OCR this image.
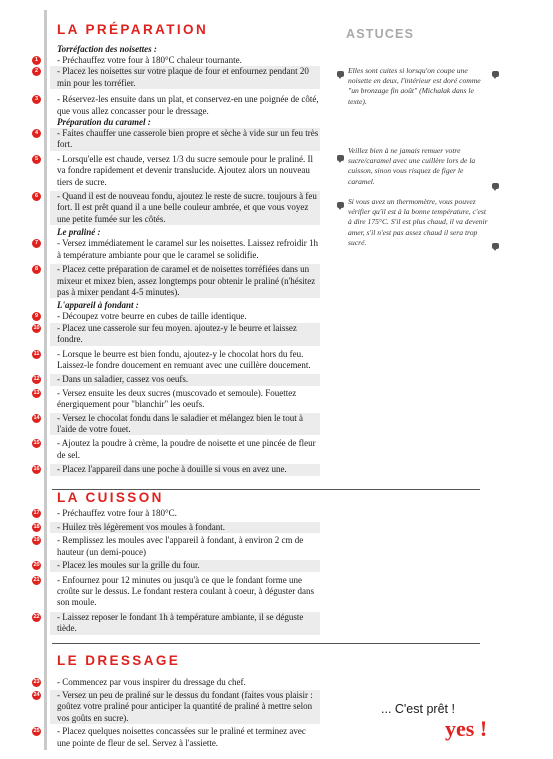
LA PRÉPARATION
Torréfaction des noisettes :
1	- Préchauffez votre four à 180°C chaleur tournante.
2	- Placez les noisettes sur votre plaque de four et enfournez pendant 20 min pour les torréfier.
3	- Réservez-les ensuite dans un plat, et conservez-en une poignée de côté, que vous allez concasser pour le dressage.
Préparation du caramel :
4	- Faites chauffer une casserole bien propre et sèche à vide sur un feu très fort.
5	- Lorsqu'elle est chaude, versez 1/3 du sucre semoule pour le praliné. Il va fondre rapidement et devenir translucide. Ajoutez alors un nouveau tiers de sucre.
6	- Quand il est de nouveau fondu, ajoutez le reste de sucre. toujours à feu fort. Il est prêt quand il a une belle couleur ambrée, et que vous voyez une petite fumée sur les côtés.
Le praliné :
7	- Versez immédiatement le caramel sur les noisettes. Laissez refroidir 1h à température ambiante pour que le caramel se solidifie.
8	- Placez cette préparation de caramel et de noisettes torréfiées dans un mixeur et mixez bien, assez longtemps pour obtenir le praliné (n'hésitez pas à mixer pendant 4-5 minutes).
L'appareil à fondant :
9	- Découpez votre beurre en cubes de taille identique.
10 - Placez une casserole sur feu moyen. ajoutez-y le beurre et laissez fondre.
11 - Lorsque le beurre est bien fondu, ajoutez-y le chocolat hors du feu. Laissez-le fondre doucement en remuant avec une cuillère doucement.
12 - Dans un saladier, cassez vos oeufs.
13 - Versez ensuite les deux sucres (muscovado et semoule). Fouettez énergiquement pour "blanchir" les oeufs.
14 - Versez le chocolat fondu dans le saladier et mélangez bien le tout à l'aide de votre fouet.
15 - Ajoutez la poudre à crème, la poudre de noisette et une pincée de fleur de sel.
16 - Placez l'appareil dans une poche à douille si vous en avez une.
LA CUISSON
17 - Préchauffez votre four à 180°C.
18 - Huilez très légèrement vos moules à fondant.
19 - Remplissez les moules avec l'appareil à fondant, à environ 2 cm de hauteur (un demi-pouce)
20 - Placez les moules sur la grille du four.
21 - Enfournez pour 12 minutes ou jusqu'à ce que le fondant forme une croûte sur le dessus. Le fondant restera coulant à coeur, à déguster dans son moule.
22 - Laissez reposer le fondant 1h à température ambiante, il se déguste tiède.
LE DRESSAGE
23 - Commencez par vous inspirer du dressage du chef.
24 - Versez un peu de praliné sur le dessus du fondant (faites vous plaisir : goûtez votre praliné pour anticiper la quantité de praliné à mettre selon vos goûts en sucre).
25 - Placez quelques noisettes concassées sur le praliné et terminez avec une pointe de fleur de sel. Servez à l'assiette.
ASTUCES
Elles sont cuites si lorsqu'on coupe une noisette en deux, l'intérieur est doré comme "un bronzage fin août" (Michalak dans le texte).
Veillez bien à ne jamais remuer votre sucre/caramel avec une cuillère lors de la cuisson, sinon vous risquez de figer le caramel.
Si vous avez un thermomètre, vous pouvez vérifier qu'il est à la bonne température, c'est à dire 175°C. S'il est plus chaud, il va devenir amer, s'il n'est pas assez chaud il sera trop sucré.
... C'est prêt !
yes !
